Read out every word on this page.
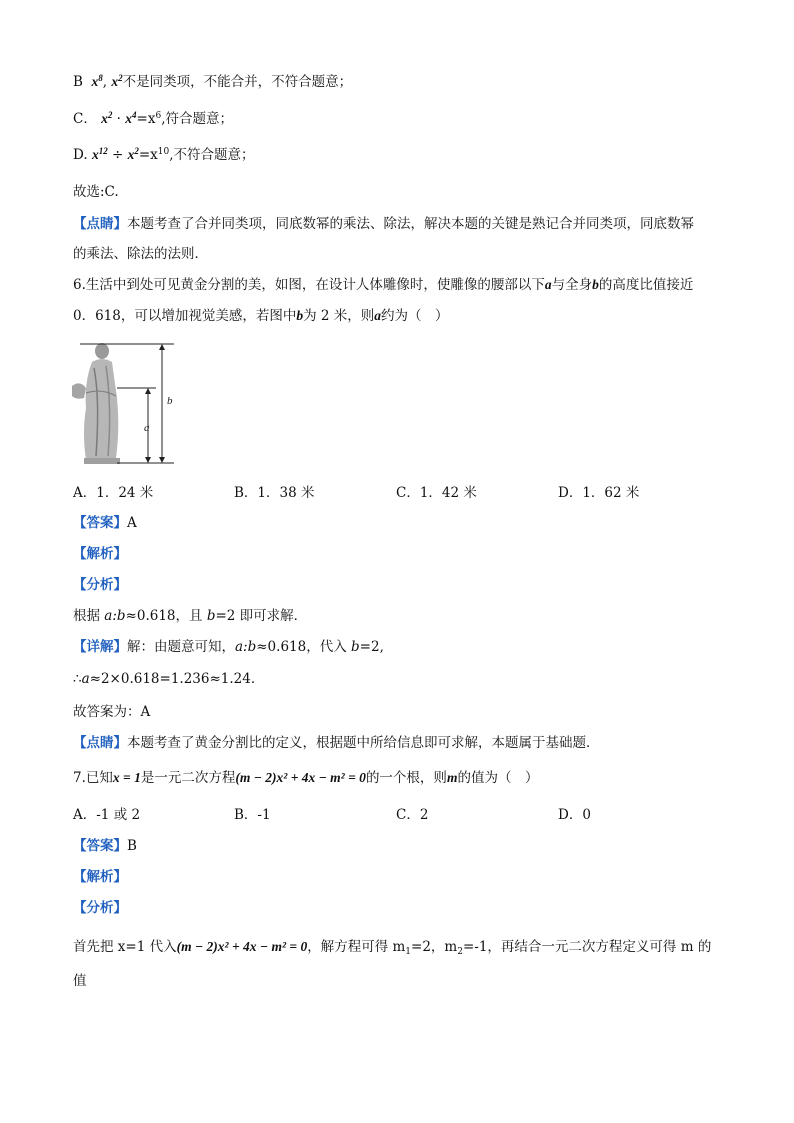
B $x^8$, $x^2$不是同类项，不能合并，不符合题意；
C． $x^2 \cdot x^4=x^6$,符合题意；
D. $x^{12} \div x^2=x^{10}$,不符合题意；
故选:C.
【点睛】本题考查了合并同类项，同底数幂的乘法、除法，解决本题的关键是熟记合并同类项，同底数幂
的乘法、除法的法则．
6.生活中到处可见黄金分割的美，如图，在设计人体雕像时，使雕像的腰部以下a与全身b的高度比值接近
0．618，可以增加视觉美感，若图中b为 2 米，则a约为（　）
b
a
A．1．24 米	B．1．38 米	C．1．42 米	D．1．62 米
【答案】A
【解析】
【分析】
根据 a:b≈0.618，且 b=2 即可求解．
【详解】解：由题意可知，a:b≈0.618，代入 b=2,
∴a≈2×0.618=1.236≈1.24．
故答案为：A
【点睛】本题考查了黄金分割比的定义，根据题中所给信息即可求解，本题属于基础题．
7.已知x = 1是一元二次方程(m − 2)x² + 4x − m² = 0的一个根，则m的值为（　）
A．-1 或 2	B．-1	C．2	D．0
【答案】B
【解析】
【分析】
首先把 x=1 代入(m − 2)x² + 4x − m² = 0，解方程可得 $m_1=2$，$m_2=-1$，再结合一元二次方程定义可得 m 的
值
